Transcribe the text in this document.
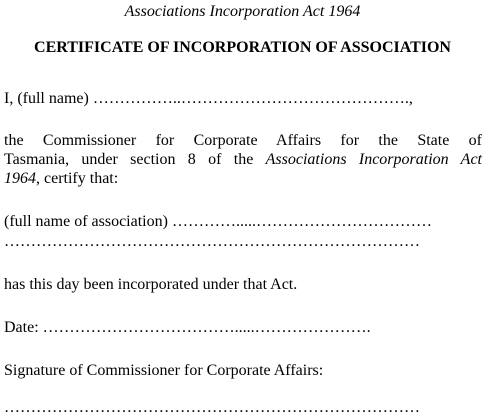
Associations Incorporation Act 1964
CERTIFICATE OF INCORPORATION OF ASSOCIATION
I, (full name) ……………..…………………………………….,
the Commissioner for Corporate Affairs for the State of
Tasmania, under section 8 of the Associations Incorporation Act
1964, certify that:
(full name of association) ………….....……………………………
……………………………………………………………………
has this day been incorporated under that Act.
Date: ……………………………….....………………….
Signature of Commissioner for Corporate Affairs:
……………………………………………………………………
